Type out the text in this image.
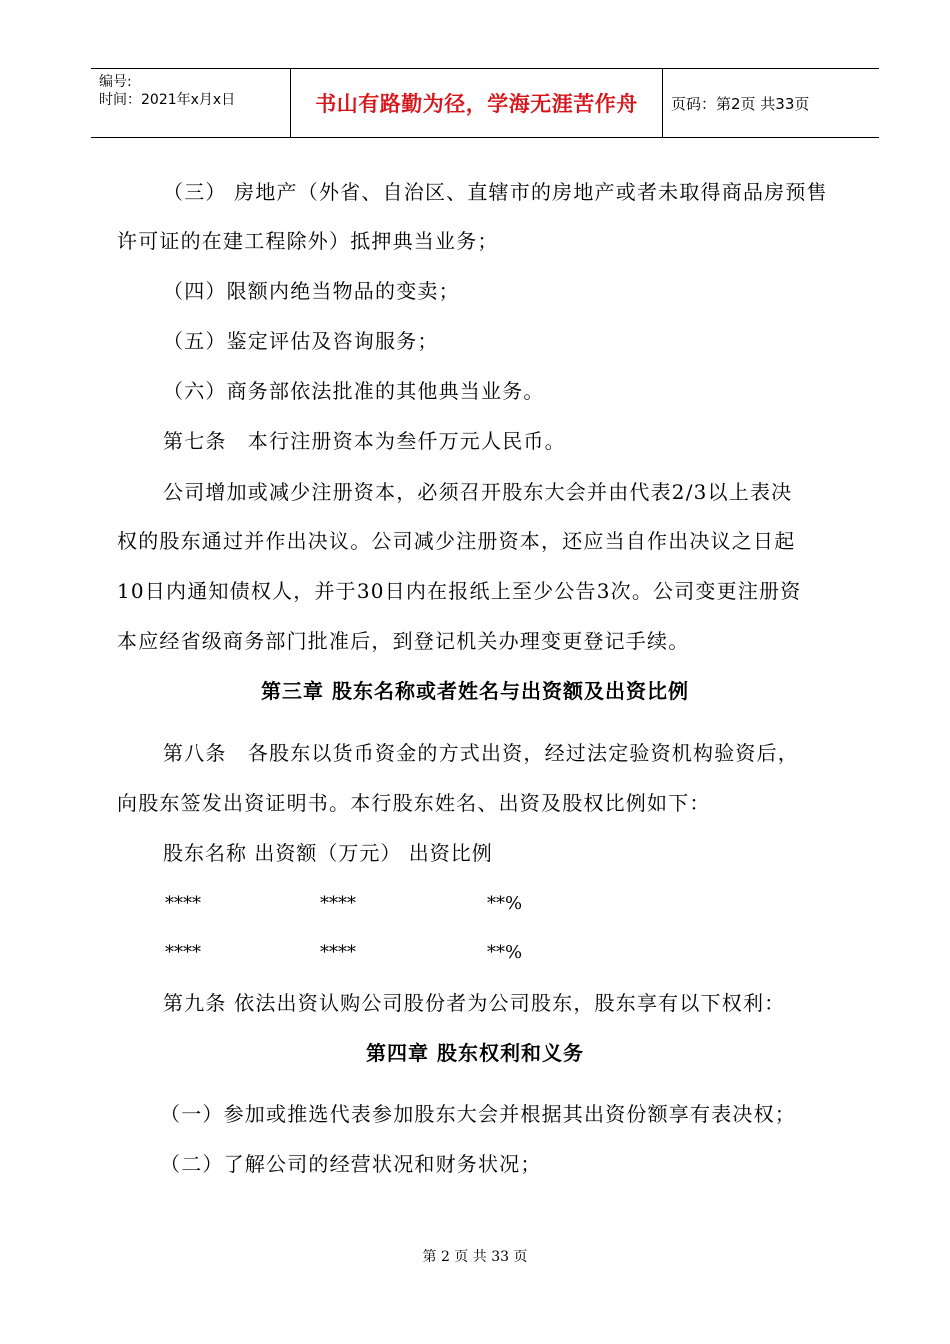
编号:
时间：2021年x月x日	书山有路勤为径，学海无涯苦作舟	页码：第2页 共33页
（三） 房地产（外省、自治区、直辖市的房地产或者未取得商品房预售
许可证的在建工程除外）抵押典当业务；
（四）限额内绝当物品的变卖；
（五）鉴定评估及咨询服务；
（六）商务部依法批准的其他典当业务。
第七条　本行注册资本为叁仟万元人民币。
公司增加或减少注册资本，必须召开股东大会并由代表2/3以上表决
权的股东通过并作出决议。公司减少注册资本，还应当自作出决议之日起
10日内通知债权人，并于30日内在报纸上至少公告3次。公司变更注册资
本应经省级商务部门批准后，到登记机关办理变更登记手续。
第三章 股东名称或者姓名与出资额及出资比例
第八条　各股东以货币资金的方式出资，经过法定验资机构验资后，
向股东签发出资证明书。本行股东姓名、出资及股权比例如下：
股东名称 出资额（万元） 出资比例
****	****	**%
****	****	**%
第九条 依法出资认购公司股份者为公司股东，股东享有以下权利：
第四章 股东权利和义务
（一）参加或推选代表参加股东大会并根据其出资份额享有表决权；
（二）了解公司的经营状况和财务状况；
第 2 页 共 33 页
